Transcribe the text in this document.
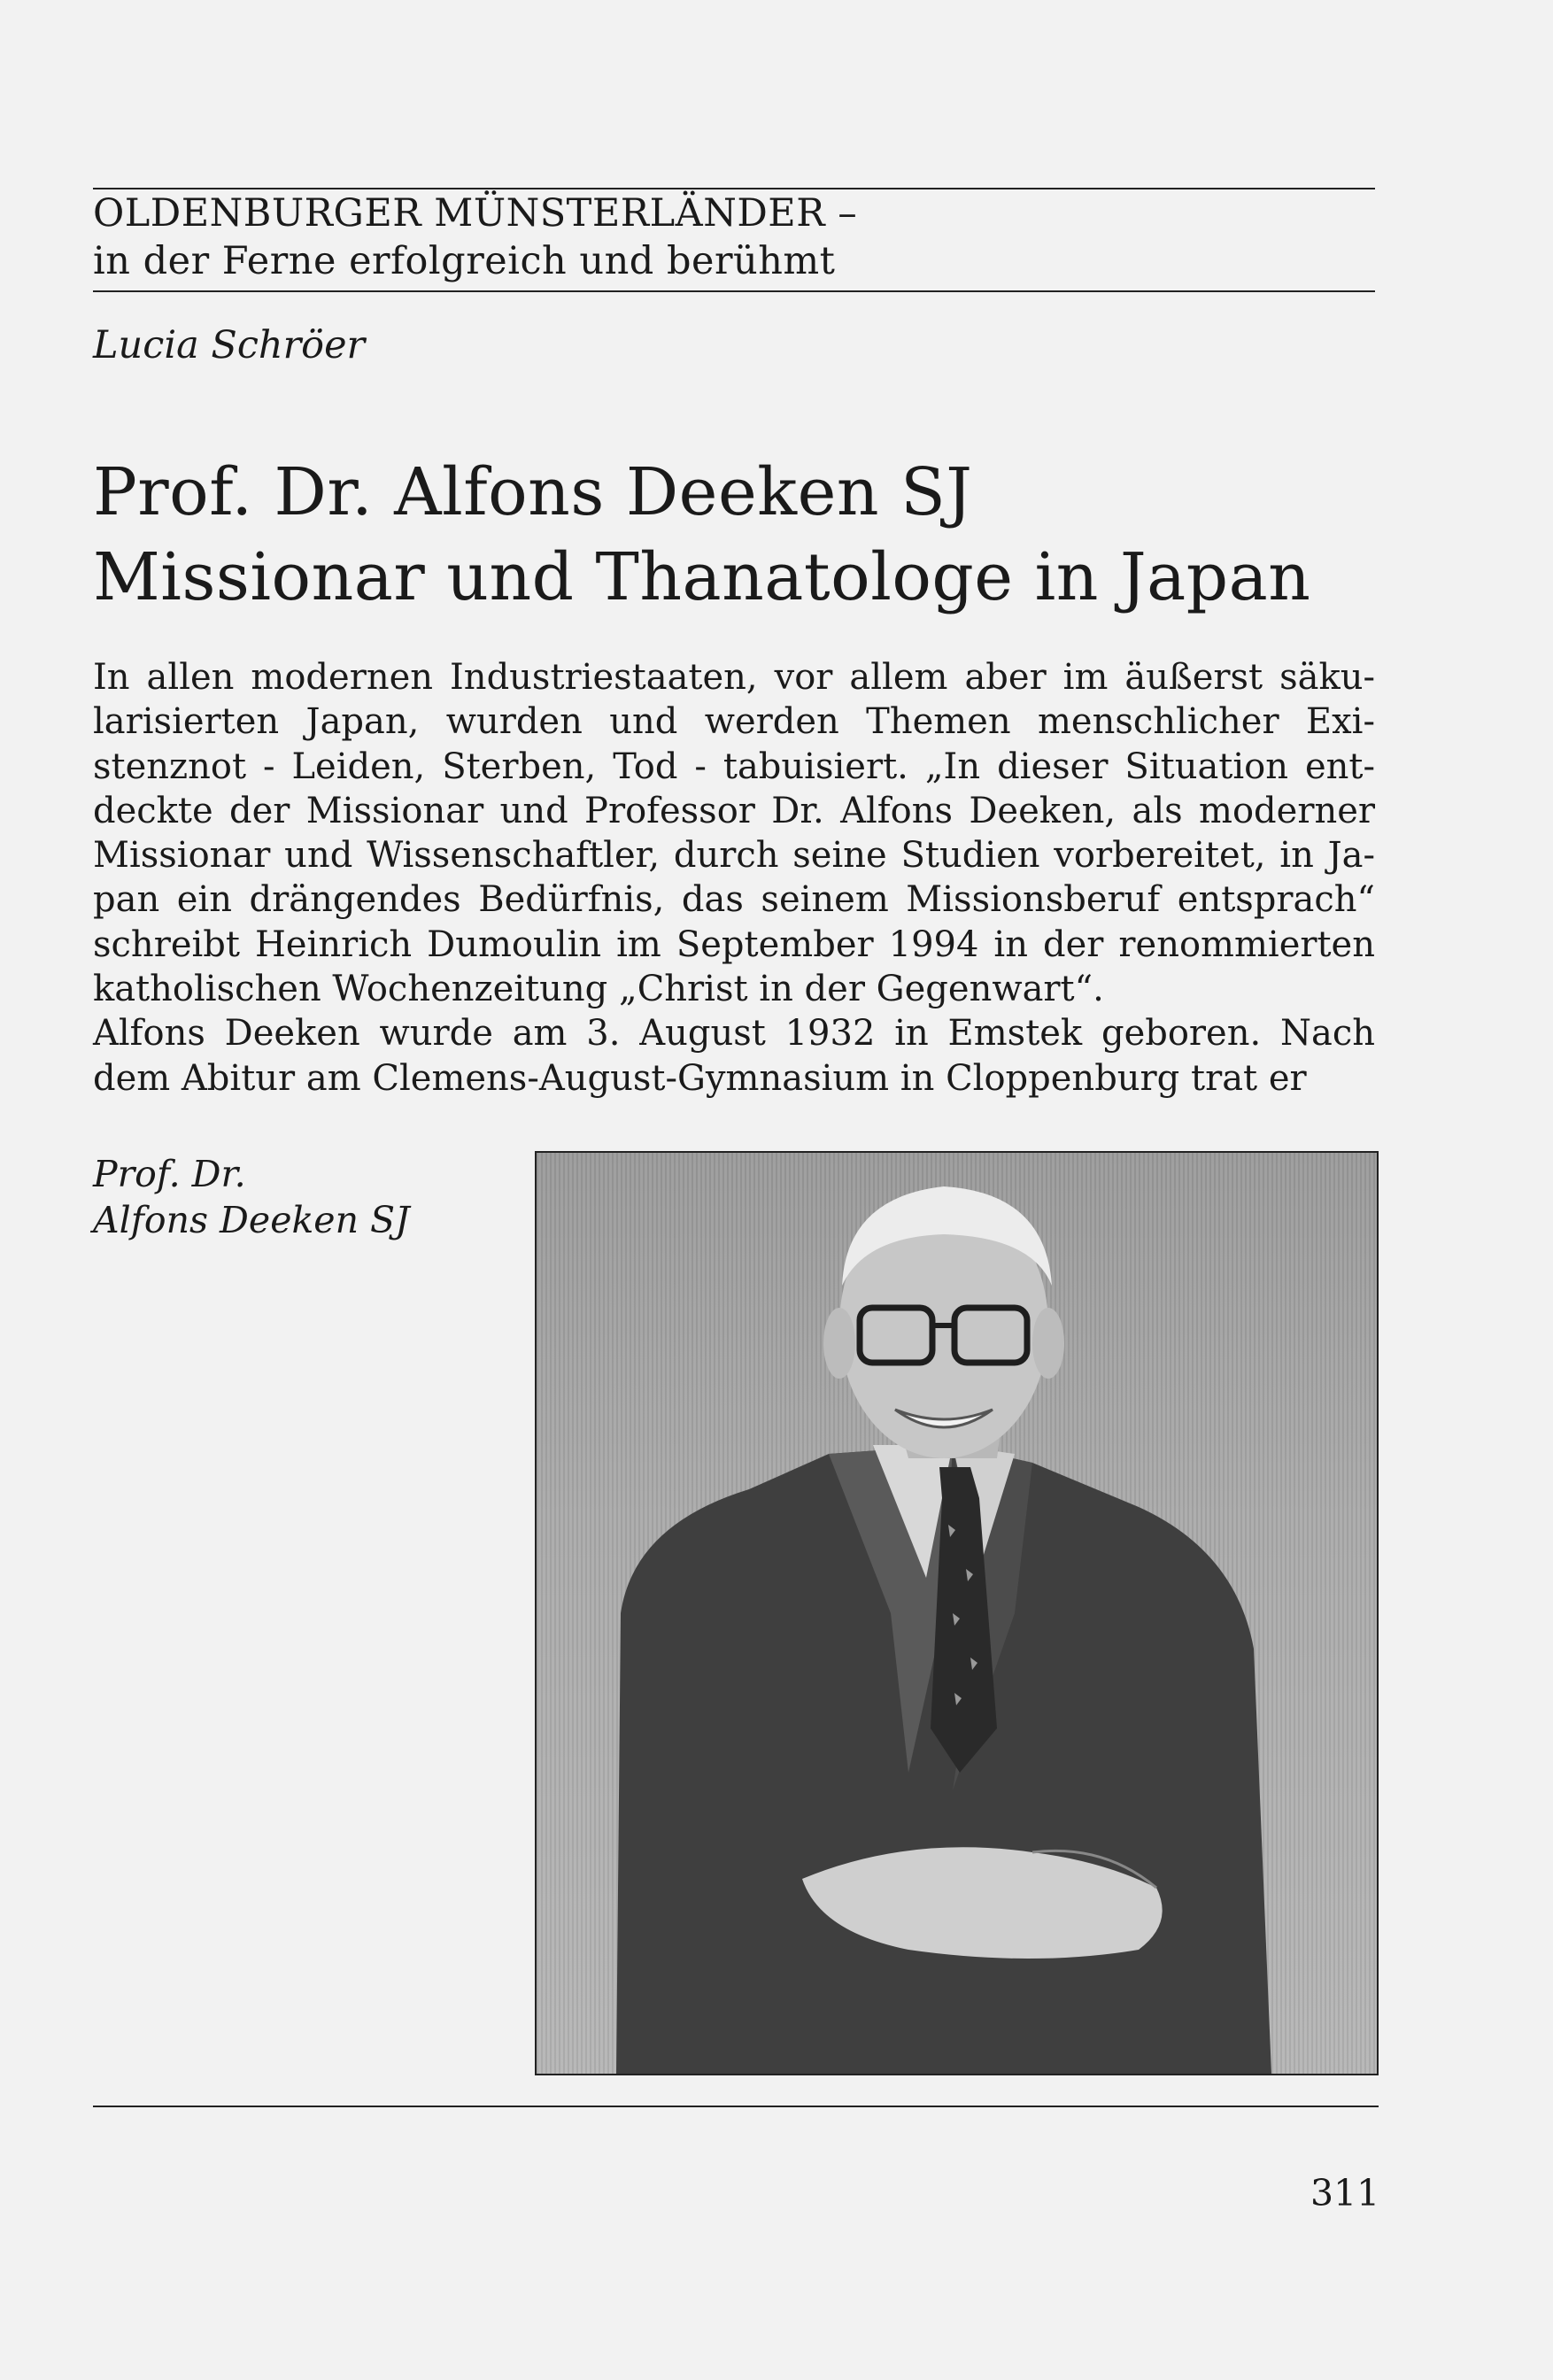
OLDENBURGER MÜNSTERLÄNDER –
in der Ferne erfolgreich und berühmt
Lucia Schröer
Prof. Dr. Alfons Deeken SJ
Missionar und Thanatologe in Japan

In allen modernen Industriestaaten, vor allem aber im äußerst säkularisierten Japan, wurden und werden Themen menschlicher Existenznot - Leiden, Sterben, Tod - tabuisiert. „In dieser Situation entdeckte der Missionar und Professor Dr. Alfons Deeken, als moderner Missionar und Wissenschaftler, durch seine Studien vorbereitet, in Japan ein drängendes Bedürfnis, das seinem Missionsberuf entsprach“ schreibt Heinrich Dumoulin im September 1994 in der renommierten katholischen Wochenzeitung „Christ in der Gegenwart“.

Alfons Deeken wurde am 3. August 1932 in Emstek geboren. Nach dem Abitur am Clemens-August-Gymnasium in Cloppenburg trat er

Prof. Dr.
Alfons Deeken SJ
311
